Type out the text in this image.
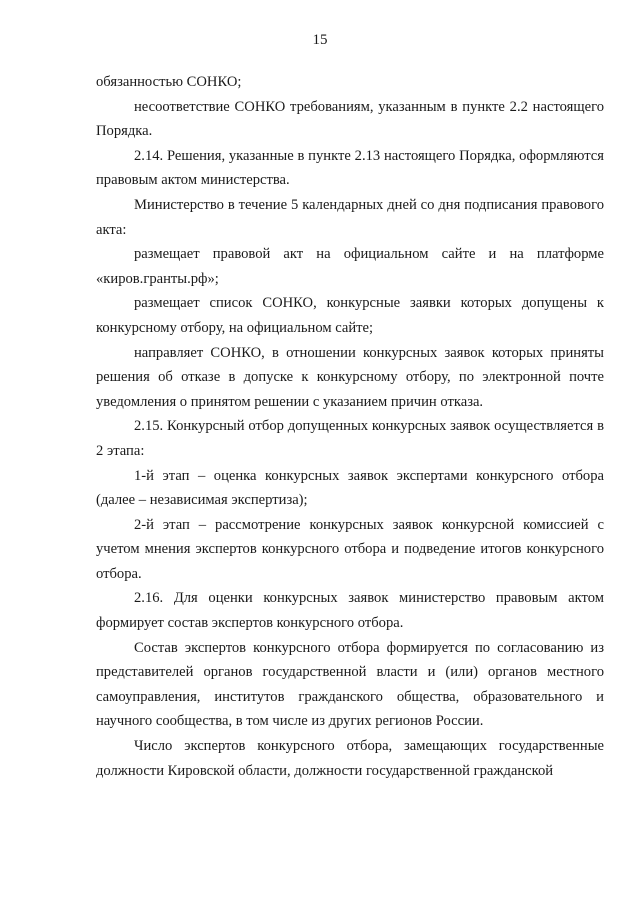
15

обязанностью СОНКО;

несоответствие СОНКО требованиям, указанным в пункте 2.2 настоящего Порядка.

2.14. Решения, указанные в пункте 2.13 настоящего Порядка, оформляются правовым актом министерства.

Министерство в течение 5 календарных дней со дня подписания правового акта:

размещает правовой акт на официальном сайте и на платформе «киров.гранты.рф»;

размещает список СОНКО, конкурсные заявки которых допущены к конкурсному отбору, на официальном сайте;

направляет СОНКО, в отношении конкурсных заявок которых приняты решения об отказе в допуске к конкурсному отбору, по электронной почте уведомления о принятом решении с указанием причин отказа.

2.15. Конкурсный отбор допущенных конкурсных заявок осуществляется в 2 этапа:

1-й этап – оценка конкурсных заявок экспертами конкурсного отбора (далее – независимая экспертиза);

2-й этап – рассмотрение конкурсных заявок конкурсной комиссией с учетом мнения экспертов конкурсного отбора и подведение итогов конкурсного отбора.

2.16. Для оценки конкурсных заявок министерство правовым актом формирует состав экспертов конкурсного отбора.

Состав экспертов конкурсного отбора формируется по согласованию из представителей органов государственной власти и (или) органов местного самоуправления, институтов гражданского общества, образовательного и научного сообщества, в том числе из других регионов России.

Число экспертов конкурсного отбора, замещающих государственные должности Кировской области, должности государственной гражданской
